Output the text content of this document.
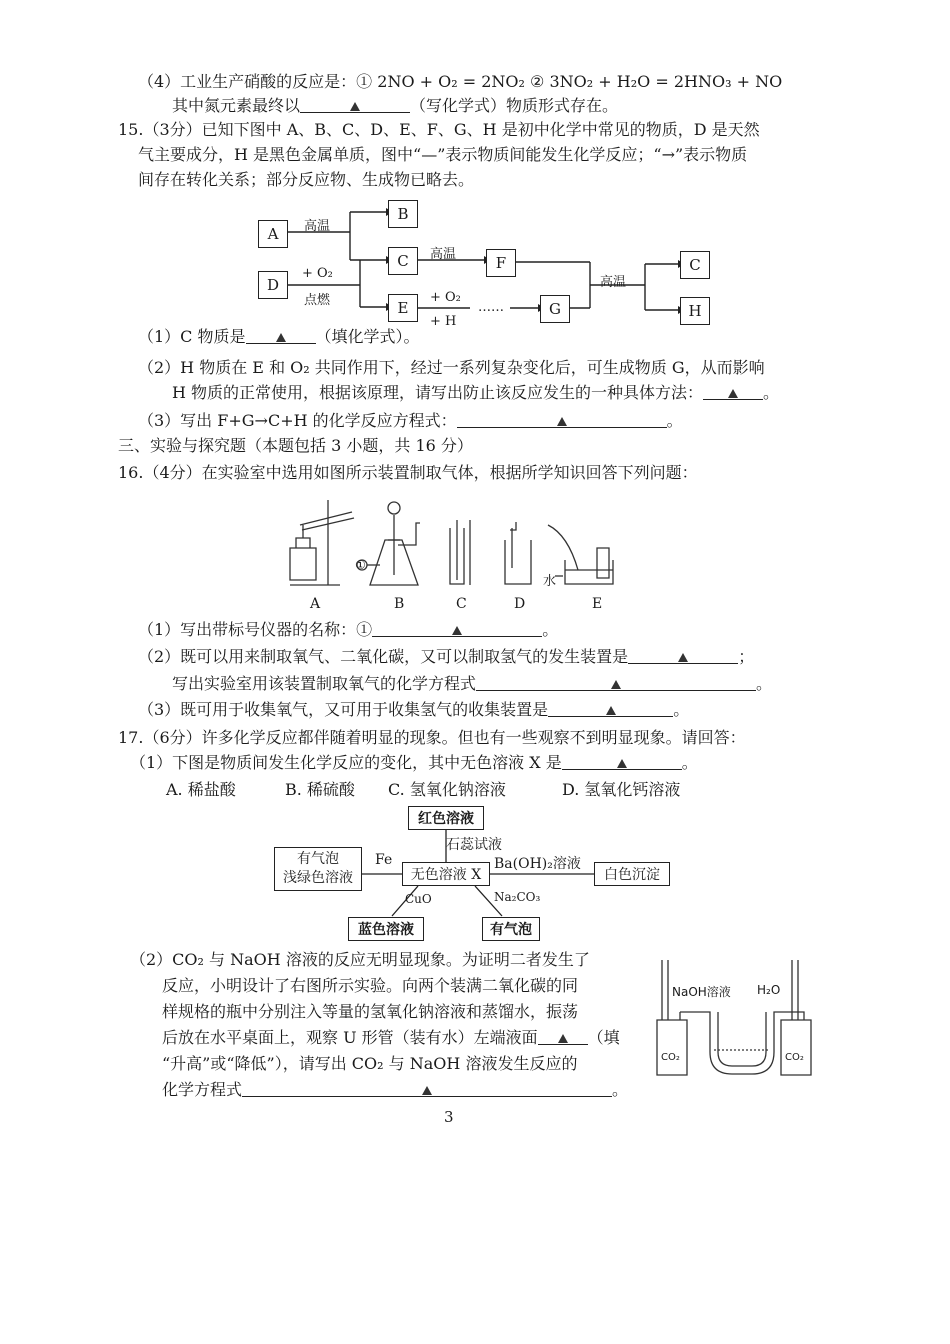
（4）工业生产硝酸的反应是：① 2NO + O₂ = 2NO₂ ② 3NO₂ + H₂O = 2HNO₃ + NO
其中氮元素最终以	（写化学式）物质形式存在。
15.（3分）已知下图中 A、B、C、D、E、F、G、H 是初中化学中常见的物质，D 是天然
气主要成分，H 是黑色金属单质，图中“—”表示物质间能发生化学反应；“→”表示物质
间存在转化关系；部分反应物、生成物已略去。
A
B
C
D
E
F
G
C
H
高温
高温
高温
+ O₂
点燃	+ O₂
+ H
……
（1）C 物质是	（填化学式）。
（2）H 物质在 E 和 O₂ 共同作用下，经过一系列复杂变化后，可生成物质 G，从而影响
H 物质的正常使用，根据该原理，请写出防止该反应发生的一种具体方法：	。
（3）写出 F+G→C+H 的化学反应方程式：	。
三、实验与探究题（本题包括 3 小题，共 16 分）
16.（4分）在实验室中选用如图所示装置制取气体，根据所学知识回答下列问题：
①
水
A	B	C	D	E
（1）写出带标号仪器的名称：①	。
（2）既可以用来制取氧气、二氧化碳，又可以制取氢气的发生装置是	；
写出实验室用该装置制取氧气的化学方程式	。
（3）既可用于收集氧气，又可用于收集氢气的收集装置是	。
17.（6分）许多化学反应都伴随着明显的现象。但也有一些观察不到明显现象。请回答：
（1）下图是物质间发生化学反应的变化，其中无色溶液 X 是	。
A. 稀盐酸	B. 稀硫酸 C. 氢氧化钠溶液	D. 氢氧化钙溶液
红色溶液
石蕊试液
有气泡
浅绿色溶液
Fe
无色溶液 X
Ba(OH)₂溶液
白色沉淀
CuO	Na₂CO₃
蓝色溶液	有气泡
（2）CO₂ 与 NaOH 溶液的反应无明显现象。为证明二者发生了
反应，小明设计了右图所示实验。向两个装满二氧化碳的同
样规格的瓶中分别注入等量的氢氧化钠溶液和蒸馏水，振荡
后放在水平桌面上，观察 U 形管（装有水）左端液面	（填
“升高”或“降低”），请写出 CO₂ 与 NaOH 溶液发生反应的
化学方程式	。
NaOH溶液 H₂O
CO₂	CO₂
3
